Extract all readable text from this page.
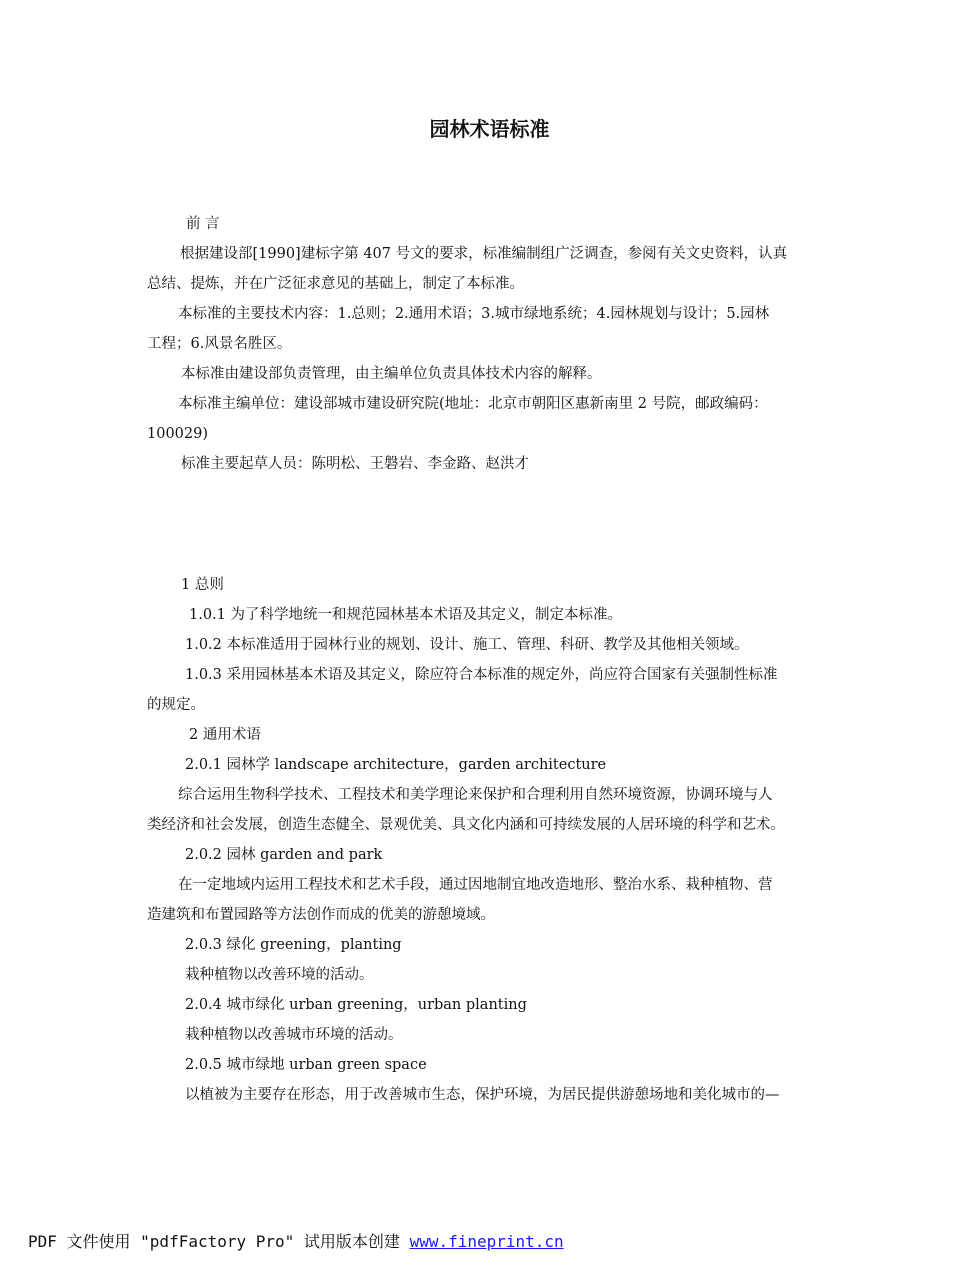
园林术语标准

前 言

根据建设部[1990]建标字第 407 号文的要求，标准编制组广泛调查，参阅有关文史资料，认真

总结、提炼，并在广泛征求意见的基础上，制定了本标准。

本标准的主要技术内容：1.总则；2.通用术语；3.城市绿地系统；4.园林规划与设计；5.园林

工程；6.风景名胜区。

本标准由建设部负责管理，由主编单位负责具体技术内容的解释。

本标准主编单位：建设部城市建设研究院(地址：北京市朝阳区惠新南里 2 号院，邮政编码：

100029)

标准主要起草人员：陈明松、王磐岩、李金路、赵洪才

1 总则

1.0.1 为了科学地统一和规范园林基本术语及其定义，制定本标准。

1.0.2 本标准适用于园林行业的规划、设计、施工、管理、科研、教学及其他相关领域。

1.0.3 采用园林基本术语及其定义，除应符合本标准的规定外，尚应符合国家有关强制性标准

的规定。

2 通用术语

2.0.1 园林学 landscape architecture，garden architecture

综合运用生物科学技术、工程技术和美学理论来保护和合理利用自然环境资源，协调环境与人

类经济和社会发展，创造生态健全、景观优美、具文化内涵和可持续发展的人居环境的科学和艺术。

2.0.2 园林 garden and park

在一定地域内运用工程技术和艺术手段，通过因地制宜地改造地形、整治水系、栽种植物、营

造建筑和布置园路等方法创作而成的优美的游憩境域。

2.0.3 绿化 greening，planting

栽种植物以改善环境的活动。

2.0.4 城市绿化 urban greening，urban planting

栽种植物以改善城市环境的活动。

2.0.5 城市绿地 urban green space

以植被为主要存在形态，用于改善城市生态，保护环境，为居民提供游憩场地和美化城市的—

PDF 文件使用 "pdfFactory Pro" 试用版本创建 www.fineprint.cn
